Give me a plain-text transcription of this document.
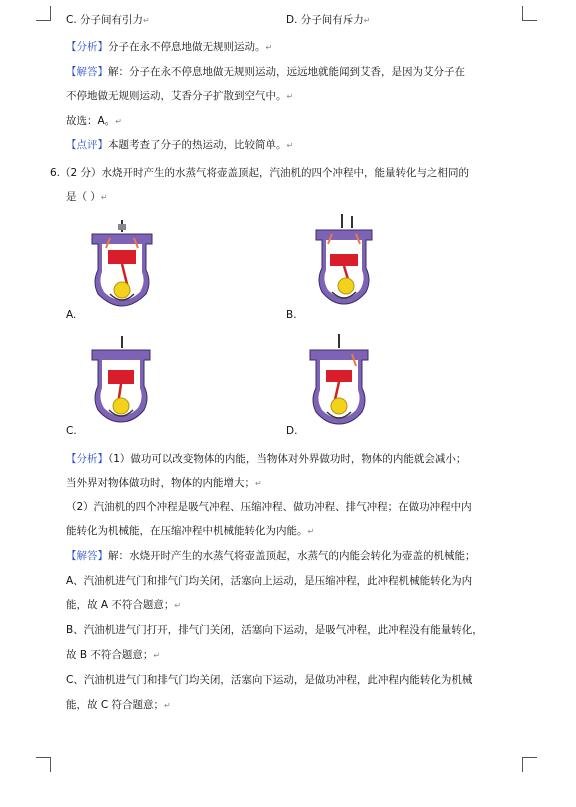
C. 分子间有引力↵	D. 分子间有斥力↵
【分析】分子在永不停息地做无规则运动。↵
【解答】解：分子在永不停息地做无规则运动，远远地就能闻到艾香，是因为艾分子在
不停地做无规则运动，艾香分子扩散到空气中。↵
故选：A。↵
【点评】本题考查了分子的热运动，比较简单。↵
6.（2 分）水烧开时产生的水蒸气将壶盖顶起，汽油机的四个冲程中，能量转化与之相同的
是（ ）↵
A.	B.
C.	D.
【分析】（1）做功可以改变物体的内能，当物体对外界做功时，物体的内能就会减小；
当外界对物体做功时，物体的内能增大；↵
（2）汽油机的四个冲程是吸气冲程、压缩冲程、做功冲程、排气冲程；在做功冲程中内
能转化为机械能，在压缩冲程中机械能转化为内能。↵
【解答】解：水烧开时产生的水蒸气将壶盖顶起，水蒸气的内能会转化为壶盖的机械能；
A、汽油机进气门和排气门均关闭，活塞向上运动，是压缩冲程，此冲程机械能转化为内
能，故 A 不符合题意；↵
B、汽油机进气门打开，排气门关闭，活塞向下运动，是吸气冲程，此冲程没有能量转化，
故 B 不符合题意；↵
C、汽油机进气门和排气门均关闭，活塞向下运动，是做功冲程，此冲程内能转化为机械
能，故 C 符合题意；↵
